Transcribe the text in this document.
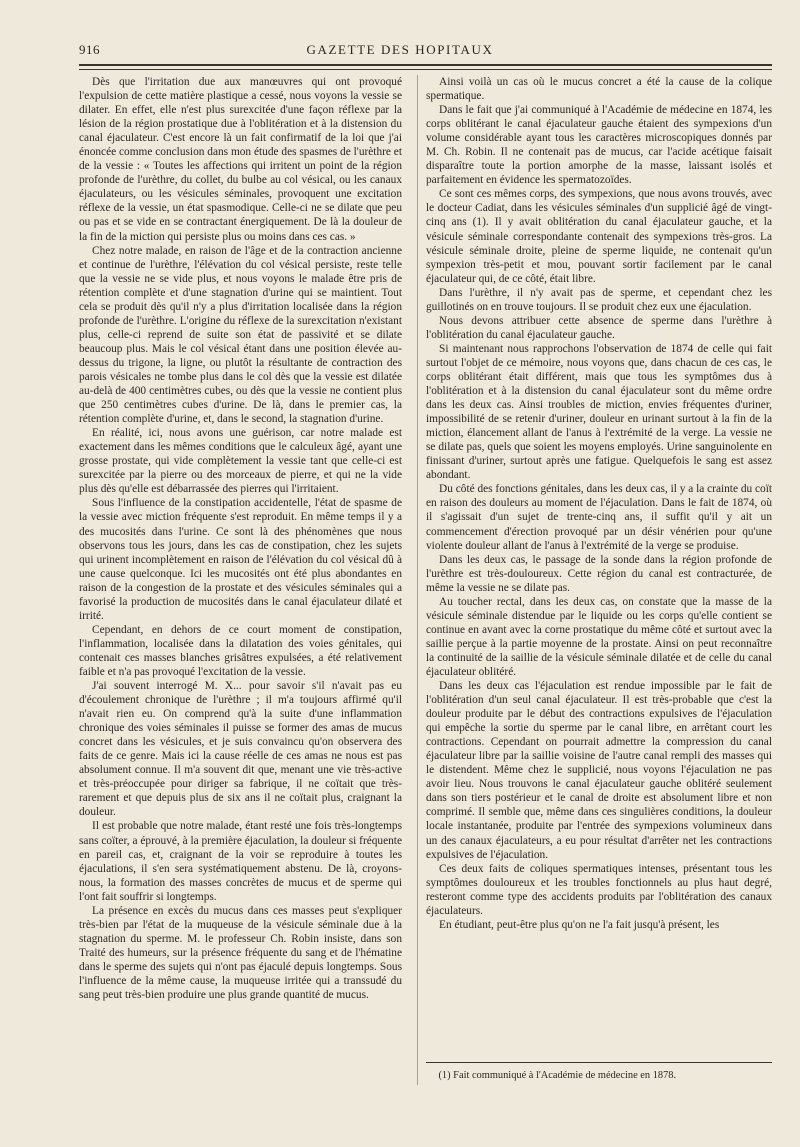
916	GAZETTE DES HOPITAUX

Dès que l'irritation due aux manœuvres qui ont provoqué l'expulsion de cette matière plastique a cessé, nous voyons la vessie se dilater. En effet, elle n'est plus surexcitée d'une façon réflexe par la lésion de la région prostatique due à l'oblitération et à la distension du canal éjaculateur. C'est encore là un fait confirmatif de la loi que j'ai énoncée comme conclusion dans mon étude des spasmes de l'urèthre et de la vessie : « Toutes les affections qui irritent un point de la région profonde de l'urèthre, du collet, du bulbe au col vésical, ou les canaux éjaculateurs, ou les vésicules séminales, provoquent une excitation réflexe de la vessie, un état spasmodique. Celle-ci ne se dilate que peu ou pas et se vide en se contractant énergiquement. De là la douleur de la fin de la miction qui persiste plus ou moins dans ces cas. »

Chez notre malade, en raison de l'âge et de la contraction ancienne et continue de l'urèthre, l'élévation du col vésical persiste, reste telle que la vessie ne se vide plus, et nous voyons le malade être pris de rétention complète et d'une stagnation d'urine qui se maintient. Tout cela se produit dès qu'il n'y a plus d'irritation localisée dans la région profonde de l'urèthre. L'origine du réflexe de la surexcitation n'existant plus, celle-ci reprend de suite son état de passivité et se dilate beaucoup plus. Mais le col vésical étant dans une position élevée au-dessus du trigone, la ligne, ou plutôt la résultante de contraction des parois vésicales ne tombe plus dans le col dès que la vessie est dilatée au-delà de 400 centimètres cubes, ou dès que la vessie ne contient plus que 250 centimètres cubes d'urine. De là, dans le premier cas, la rétention complète d'urine, et, dans le second, la stagnation d'urine.

En réalité, ici, nous avons une guérison, car notre malade est exactement dans les mêmes conditions que le calculeux âgé, ayant une grosse prostate, qui vide complètement la vessie tant que celle-ci est surexcitée par la pierre ou des morceaux de pierre, et qui ne la vide plus dès qu'elle est débarrassée des pierres qui l'irritaient.

Sous l'influence de la constipation accidentelle, l'état de spasme de la vessie avec miction fréquente s'est reproduit. En même temps il y a des mucosités dans l'urine. Ce sont là des phénomènes que nous observons tous les jours, dans les cas de constipation, chez les sujets qui urinent incomplètement en raison de l'élévation du col vésical dû à une cause quelconque. Ici les mucosités ont été plus abondantes en raison de la congestion de la prostate et des vésicules séminales qui a favorisé la production de mucosités dans le canal éjaculateur dilaté et irrité.

Cependant, en dehors de ce court moment de constipation, l'inflammation, localisée dans la dilatation des voies génitales, qui contenait ces masses blanches grisâtres expulsées, a été relativement faible et n'a pas provoqué l'excitation de la vessie.

J'ai souvent interrogé M. X... pour savoir s'il n'avait pas eu d'écoulement chronique de l'urèthre ; il m'a toujours affirmé qu'il n'avait rien eu. On comprend qu'à la suite d'une inflammation chronique des voies séminales il puisse se former des amas de mucus concret dans les vésicules, et je suis convaincu qu'on observera des faits de ce genre. Mais ici la cause réelle de ces amas ne nous est pas absolument connue. Il m'a souvent dit que, menant une vie très-active et très-préoccupée pour diriger sa fabrique, il ne coïtait que très-rarement et que depuis plus de six ans il ne coïtait plus, craignant la douleur.

Il est probable que notre malade, étant resté une fois très-longtemps sans coïter, a éprouvé, à la première éjaculation, la douleur si fréquente en pareil cas, et, craignant de la voir se reproduire à toutes les éjaculations, il s'en sera systématiquement abstenu. De là, croyons-nous, la formation des masses concrètes de mucus et de sperme qui l'ont fait souffrir si longtemps.

La présence en excès du mucus dans ces masses peut s'expliquer très-bien par l'état de la muqueuse de la vésicule séminale due à la stagnation du sperme. M. le professeur Ch. Robin insiste, dans son Traité des humeurs, sur la présence fréquente du sang et de l'hématine dans le sperme des sujets qui n'ont pas éjaculé depuis longtemps. Sous l'influence de la même cause, la muqueuse irritée qui a transsudé du sang peut très-bien produire une plus grande quantité de mucus.

Ainsi voilà un cas où le mucus concret a été la cause de la colique spermatique.

Dans le fait que j'ai communiqué à l'Académie de médecine en 1874, les corps oblitérant le canal éjaculateur gauche étaient des sympexions d'un volume considérable ayant tous les caractères microscopiques donnés par M. Ch. Robin. Il ne contenait pas de mucus, car l'acide acétique faisait disparaître toute la portion amorphe de la masse, laissant isolés et parfaitement en évidence les spermatozoïdes.

Ce sont ces mêmes corps, des sympexions, que nous avons trouvés, avec le docteur Cadiat, dans les vésicules séminales d'un supplicié âgé de vingt-cinq ans (1). Il y avait oblitération du canal éjaculateur gauche, et la vésicule séminale correspondante contenait des sympexions très-gros. La vésicule séminale droite, pleine de sperme liquide, ne contenait qu'un sympexion très-petit et mou, pouvant sortir facilement par le canal éjaculateur qui, de ce côté, était libre.

Dans l'urèthre, il n'y avait pas de sperme, et cependant chez les guillotinés on en trouve toujours. Il se produit chez eux une éjaculation.

Nous devons attribuer cette absence de sperme dans l'urèthre à l'oblitération du canal éjaculateur gauche.

Si maintenant nous rapprochons l'observation de 1874 de celle qui fait surtout l'objet de ce mémoire, nous voyons que, dans chacun de ces cas, le corps oblitérant était différent, mais que tous les symptômes dus à l'oblitération et à la distension du canal éjaculateur sont du même ordre dans les deux cas. Ainsi troubles de miction, envies fréquentes d'uriner, impossibilité de se retenir d'uriner, douleur en urinant surtout à la fin de la miction, élancement allant de l'anus à l'extrémité de la verge. La vessie ne se dilate pas, quels que soient les moyens employés. Urine sanguinolente en finissant d'uriner, surtout après une fatigue. Quelquefois le sang est assez abondant.

Du côté des fonctions génitales, dans les deux cas, il y a la crainte du coït en raison des douleurs au moment de l'éjaculation. Dans le fait de 1874, où il s'agissait d'un sujet de trente-cinq ans, il suffit qu'il y ait un commencement d'érection provoqué par un désir vénérien pour qu'une violente douleur allant de l'anus à l'extrémité de la verge se produise.

Dans les deux cas, le passage de la sonde dans la région profonde de l'urèthre est très-douloureux. Cette région du canal est contracturée, de même la vessie ne se dilate pas.

Au toucher rectal, dans les deux cas, on constate que la masse de la vésicule séminale distendue par le liquide ou les corps qu'elle contient se continue en avant avec la corne prostatique du même côté et surtout avec la saillie perçue à la partie moyenne de la prostate. Ainsi on peut reconnaître la continuité de la saillie de la vésicule séminale dilatée et de celle du canal éjaculateur oblitéré.

Dans les deux cas l'éjaculation est rendue impossible par le fait de l'oblitération d'un seul canal éjaculateur. Il est très-probable que c'est la douleur produite par le début des contractions expulsives de l'éjaculation qui empêche la sortie du sperme par le canal libre, en arrêtant court les contractions. Cependant on pourrait admettre la compression du canal éjaculateur libre par la saillie voisine de l'autre canal rempli des masses qui le distendent. Même chez le supplicié, nous voyons l'éjaculation ne pas avoir lieu. Nous trouvons le canal éjaculateur gauche oblitéré seulement dans son tiers postérieur et le canal de droite est absolument libre et non comprimé. Il semble que, même dans ces singulières conditions, la douleur locale instantanée, produite par l'entrée des sympexions volumineux dans un des canaux éjaculateurs, a eu pour résultat d'arrêter net les contractions expulsives de l'éjaculation.

Ces deux faits de coliques spermatiques intenses, présentant tous les symptômes douloureux et les troubles fonctionnels au plus haut degré, resteront comme type des accidents produits par l'oblitération des canaux éjaculateurs.

En étudiant, peut-être plus qu'on ne l'a fait jusqu'à présent, les

(1) Fait communiqué à l'Académie de médecine en 1878.
